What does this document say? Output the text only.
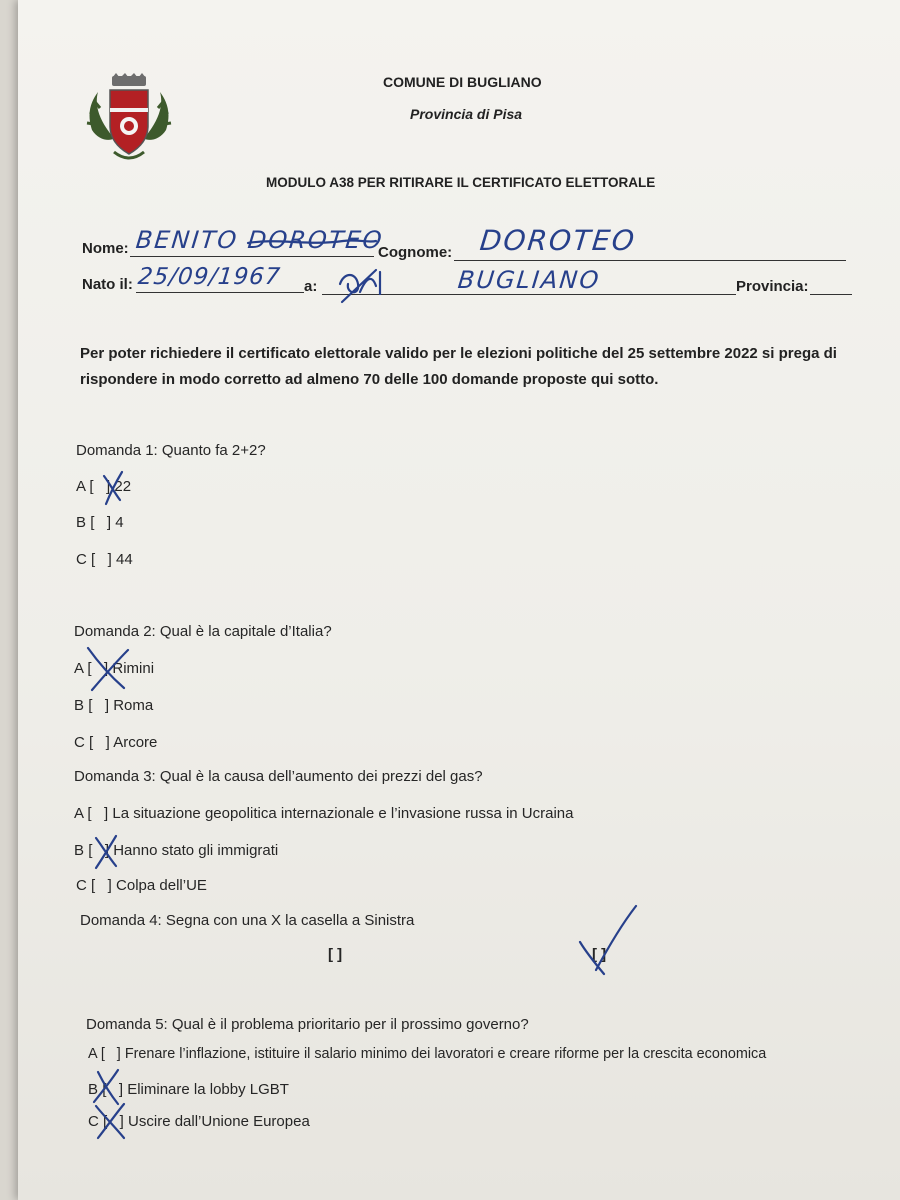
COMUNE DI BUGLIANO
Provincia di Pisa
MODULO A38 PER RITIRARE IL CERTIFICATO ELETTORALE
Nome: BENITO DOROTEO
Cognome: DOROTEO
Nato il: 25/09/1967 a:	BUGLIANO	Provincia:
Per poter richiedere il certificato elettorale valido per le elezioni politiche del 25 settembre 2022 si prega di
rispondere in modo corretto ad almeno 70 delle 100 domande proposte qui sotto.
Domanda 1: Quanto fa 2+2?
A [   ] 22
B [   ] 4
C [   ] 44
Domanda 2: Qual è la capitale d’Italia?
A [   ] Rimini
B [   ] Roma
C [   ] Arcore
Domanda 3: Qual è la causa dell’aumento dei prezzi del gas?
A [   ] La situazione geopolitica internazionale e l’invasione russa in Ucraina
B [   ] Hanno stato gli immigrati
C [   ] Colpa dell’UE
Domanda 4: Segna con una X la casella a Sinistra
[ ]	[ ]
Domanda 5: Qual è il problema prioritario per il prossimo governo?
A [   ] Frenare l’inflazione, istituire il salario minimo dei lavoratori e creare riforme per la crescita economica
B [   ] Eliminare la lobby LGBT
C [   ] Uscire dall’Unione Europea
